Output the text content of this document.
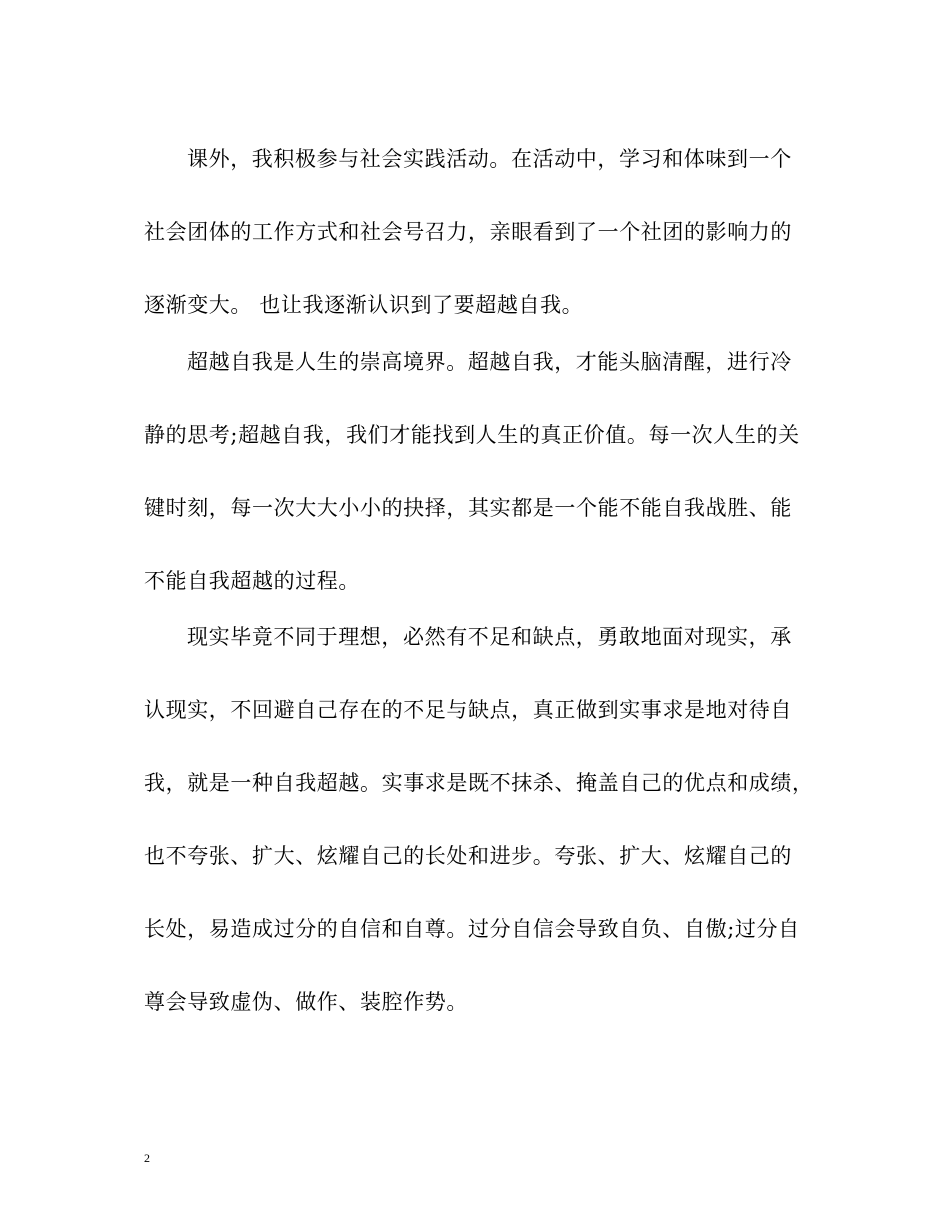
课外，我积极参与社会实践活动。在活动中，学习和体味到一个
社会团体的工作方式和社会号召力，亲眼看到了一个社团的影响力的
逐渐变大。 也让我逐渐认识到了要超越自我。
超越自我是人生的崇高境界。超越自我，才能头脑清醒，进行冷
静的思考;超越自我，我们才能找到人生的真正价值。每一次人生的关
键时刻，每一次大大小小的抉择，其实都是一个能不能自我战胜、能
不能自我超越的过程。
现实毕竟不同于理想，必然有不足和缺点，勇敢地面对现实，承
认现实，不回避自己存在的不足与缺点，真正做到实事求是地对待自
我，就是一种自我超越。实事求是既不抹杀、掩盖自己的优点和成绩，
也不夸张、扩大、炫耀自己的长处和进步。夸张、扩大、炫耀自己的
长处，易造成过分的自信和自尊。过分自信会导致自负、自傲;过分自
尊会导致虚伪、做作、装腔作势。
2
